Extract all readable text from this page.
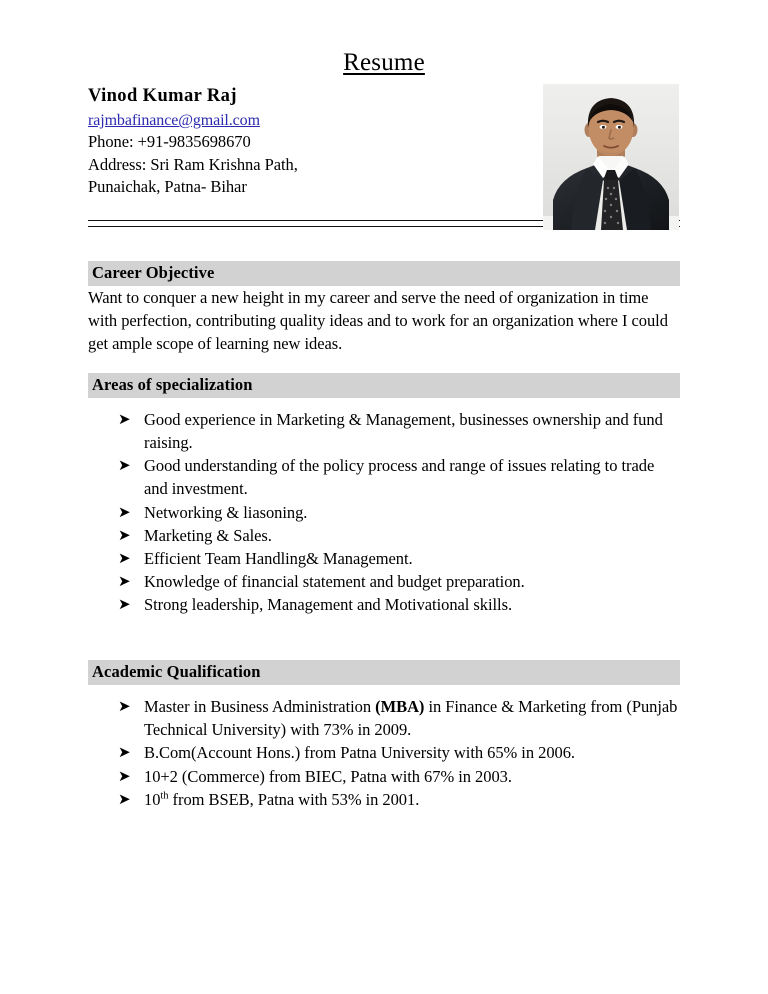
Resume
Vinod Kumar Raj
rajmbafinance@gmail.com
Phone: +91-9835698670
Address: Sri Ram Krishna Path,
Punaichak, Patna- Bihar
Career Objective

Want to conquer a new height in my career and serve the need of organization in time with perfection, contributing quality ideas and to work for an organization where I could get ample scope of learning new ideas.

Areas of specialization
➤ Good experience in Marketing & Management, businesses ownership and fund raising.
➤ Good understanding of the policy process and range of issues relating to trade and investment.
➤ Networking & liasoning.
➤ Marketing & Sales.
➤ Efficient Team Handling& Management.
➤ Knowledge of financial statement and budget preparation.
➤ Strong leadership, Management and Motivational skills.
Academic Qualification
➤ Master in Business Administration (MBA) in Finance & Marketing from (Punjab Technical University) with 73% in 2009.
➤ B.Com(Account Hons.) from Patna University with 65% in 2006.
➤ 10+2 (Commerce) from BIEC, Patna with 67% in 2003.
➤ 10th from BSEB, Patna with 53% in 2001.
